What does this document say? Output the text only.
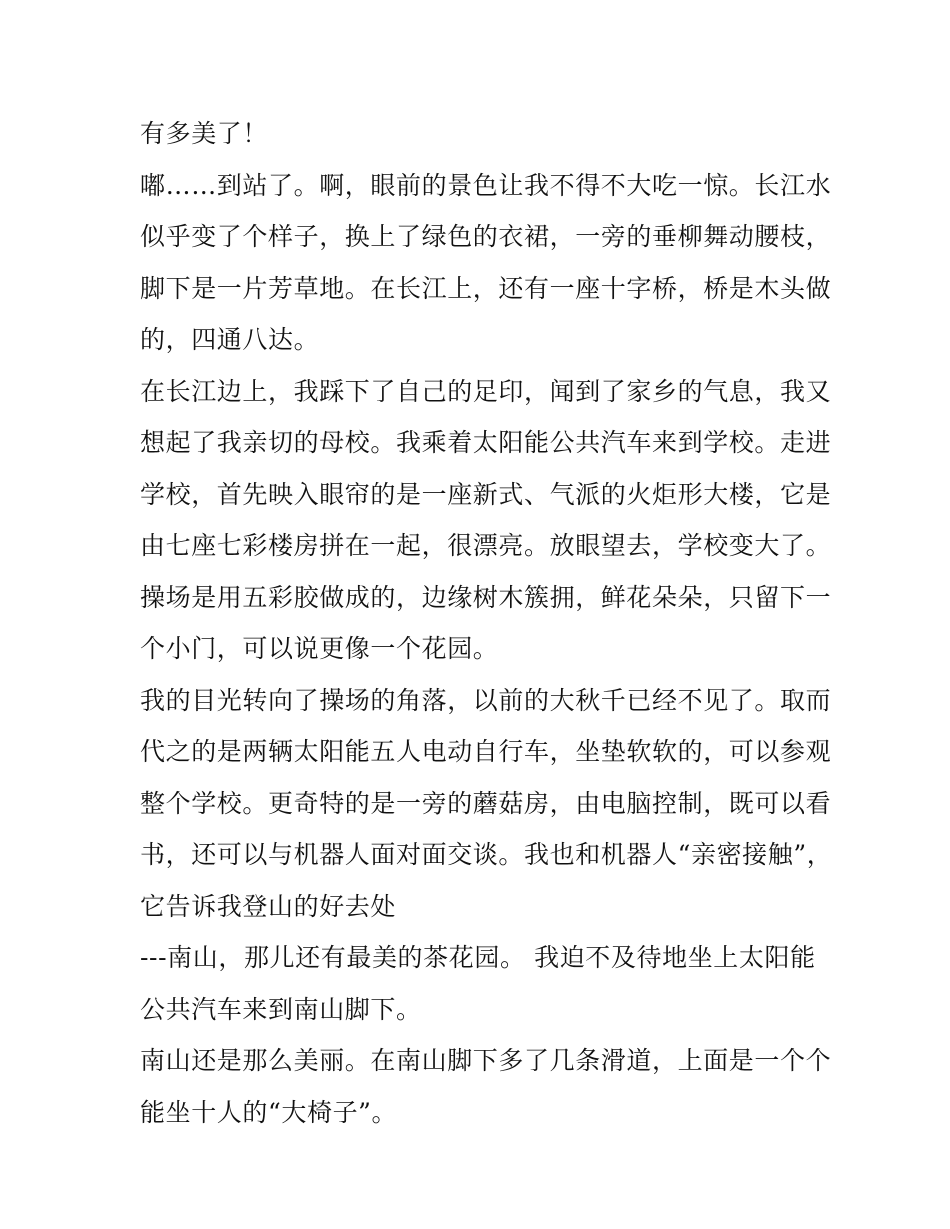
有多美了！
嘟……到站了。啊，眼前的景色让我不得不大吃一惊。长江水
似乎变了个样子，换上了绿色的衣裙，一旁的垂柳舞动腰枝，
脚下是一片芳草地。在长江上，还有一座十字桥，桥是木头做
的，四通八达。
在长江边上，我踩下了自己的足印，闻到了家乡的气息，我又
想起了我亲切的母校。我乘着太阳能公共汽车来到学校。走进
学校，首先映入眼帘的是一座新式、气派的火炬形大楼，它是
由七座七彩楼房拼在一起，很漂亮。放眼望去，学校变大了。
操场是用五彩胶做成的，边缘树木簇拥，鲜花朵朵，只留下一
个小门，可以说更像一个花园。
我的目光转向了操场的角落，以前的大秋千已经不见了。取而
代之的是两辆太阳能五人电动自行车，坐垫软软的，可以参观
整个学校。更奇特的是一旁的蘑菇房，由电脑控制，既可以看
书，还可以与机器人面对面交谈。我也和机器人“亲密接触”，
它告诉我登山的好去处
---南山，那儿还有最美的茶花园。 我迫不及待地坐上太阳能
公共汽车来到南山脚下。
南山还是那么美丽。在南山脚下多了几条滑道，上面是一个个
能坐十人的“大椅子”。
